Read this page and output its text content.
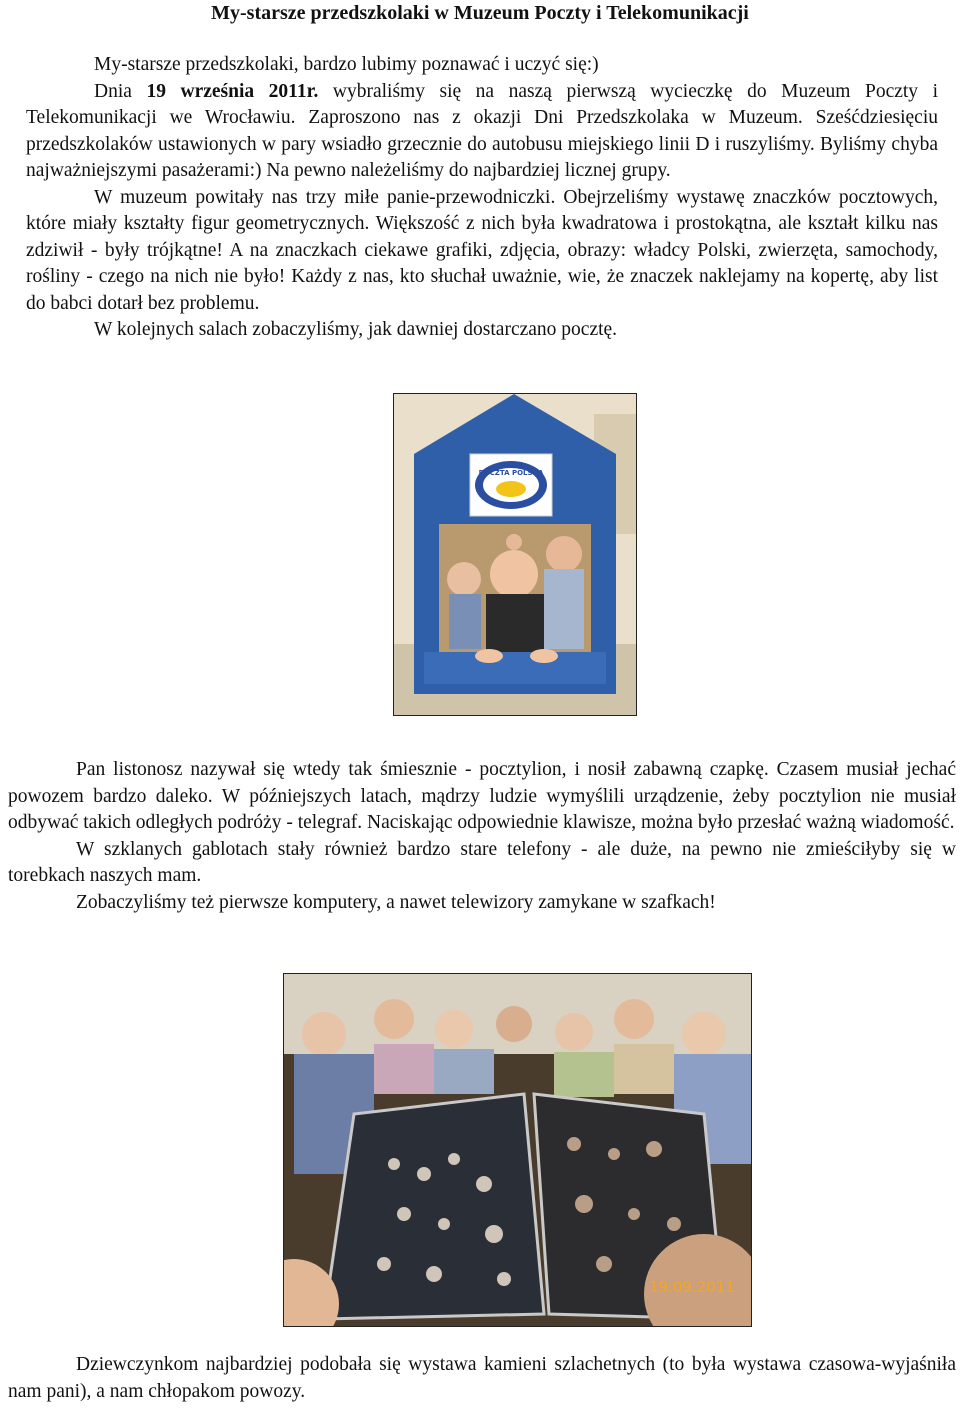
My-starsze przedszkolaki w Muzeum Poczty i Telekomunikacji

My-starsze przedszkolaki, bardzo lubimy poznawać i uczyć się:)

Dnia 19 września 2011r. wybraliśmy się na naszą pierwszą wycieczkę do Muzeum Poczty i Telekomunikacji we Wrocławiu. Zaproszono nas z okazji Dni Przedszkolaka w Muzeum. Sześćdziesięciu przedszkolaków ustawionych w pary wsiadło grzecznie do autobusu miejskiego linii D i ruszyliśmy. Byliśmy chyba najważniejszymi pasażerami:) Na pewno należeliśmy do najbardziej licznej grupy.

W muzeum powitały nas trzy miłe panie-przewodniczki. Obejrzeliśmy wystawę znaczków pocztowych, które miały kształty figur geometrycznych. Większość z nich była kwadratowa i prostokątna, ale kształt kilku nas zdziwił - były trójkątne! A na znaczkach ciekawe grafiki, zdjęcia, obrazy: władcy Polski, zwierzęta, samochody, rośliny - czego na nich nie było! Każdy z nas, kto słuchał uważnie, wie, że znaczek naklejamy na kopertę, aby list do babci dotarł bez problemu.

W kolejnych salach zobaczyliśmy, jak dawniej dostarczano pocztę.

POCZTA POLSKA

Pan listonosz nazywał się wtedy tak śmiesznie - pocztylion, i nosił zabawną czapkę. Czasem musiał jechać powozem bardzo daleko. W późniejszych latach, mądrzy ludzie wymyślili urządzenie, żeby pocztylion nie musiał odbywać takich odległych podróży - telegraf. Naciskając odpowiednie klawisze, można było przesłać ważną wiadomość.

W szklanych gablotach stały również bardzo stare telefony - ale duże, na pewno nie zmieściłyby się w torebkach naszych mam.

Zobaczyliśmy też pierwsze komputery, a nawet telewizory zamykane w szafkach!

19.09.2011

Dziewczynkom najbardziej podobała się wystawa kamieni szlachetnych (to była wystawa czasowa-wyjaśniła nam pani), a nam chłopakom powozy.
